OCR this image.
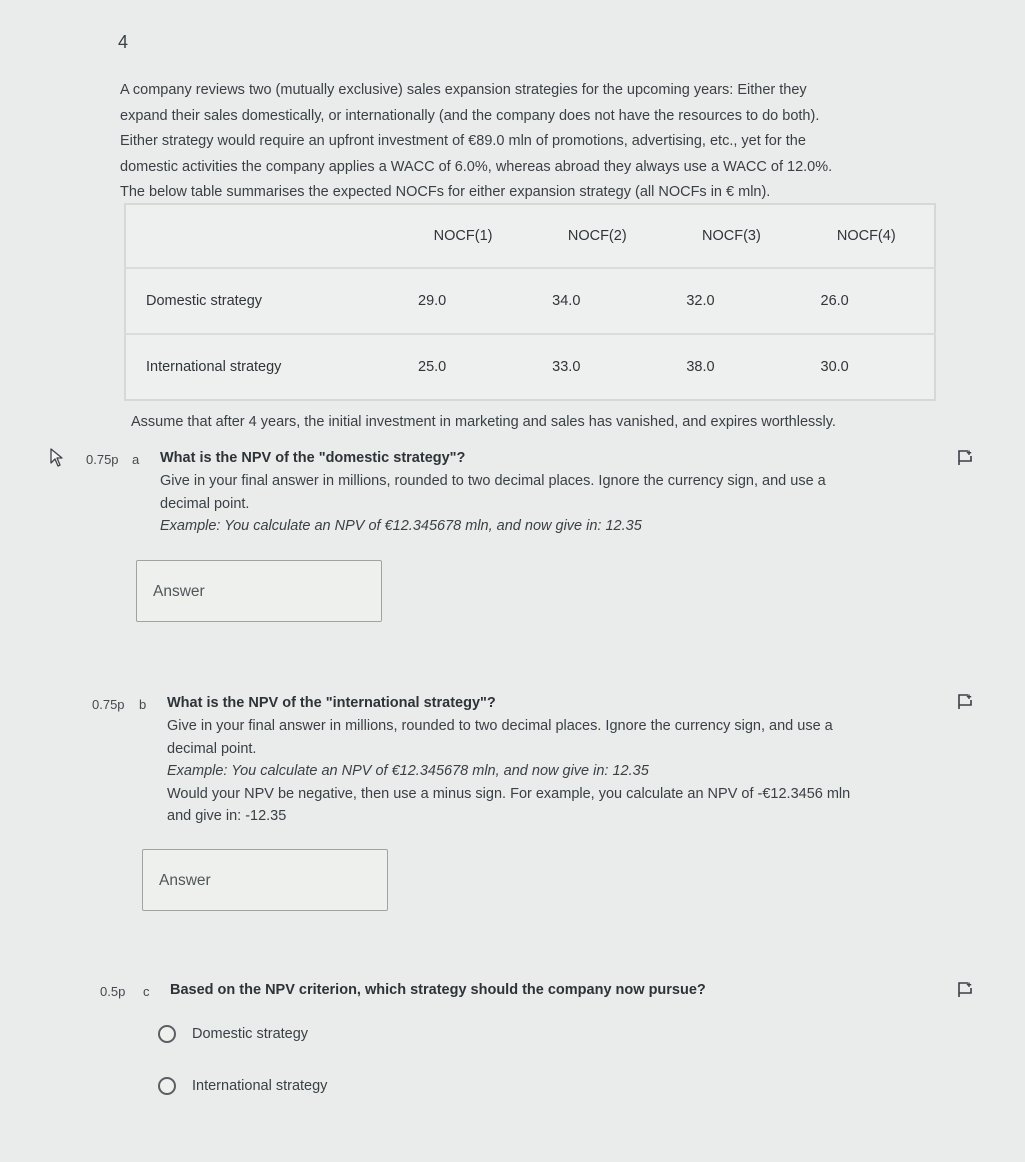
4

A company reviews two (mutually exclusive) sales expansion strategies for the upcoming years: Either they

expand their sales domestically, or internationally (and the company does not have the resources to do both).

Either strategy would require an upfront investment of €89.0 mln of promotions, advertising, etc., yet for the

domestic activities the company applies a WACC of 6.0%, whereas abroad they always use a WACC of 12.0%.

The below table summarises the expected NOCFs for either expansion strategy (all NOCFs in € mln).

	NOCF(1)	NOCF(2)	NOCF(3)	NOCF(4)
Domestic strategy	29.0	34.0	32.0	26.0
International strategy	25.0	33.0	38.0	30.0
Assume that after 4 years, the initial investment in marketing and sales has vanished, and expires worthlessly.
0.75p a What is the NPV of the "domestic strategy"?

Give in your final answer in millions, rounded to two decimal places. Ignore the currency sign, and use a

decimal point.

Example: You calculate an NPV of €12.345678 mln, and now give in: 12.35

Answer
0.75p b What is the NPV of the "international strategy"?

Give in your final answer in millions, rounded to two decimal places. Ignore the currency sign, and use a

decimal point.

Example: You calculate an NPV of €12.345678 mln, and now give in: 12.35

Would your NPV be negative, then use a minus sign. For example, you calculate an NPV of -€12.3456 mln

and give in: -12.35

Answer
0.5p c Based on the NPV criterion, which strategy should the company now pursue?
Domestic strategy
International strategy
